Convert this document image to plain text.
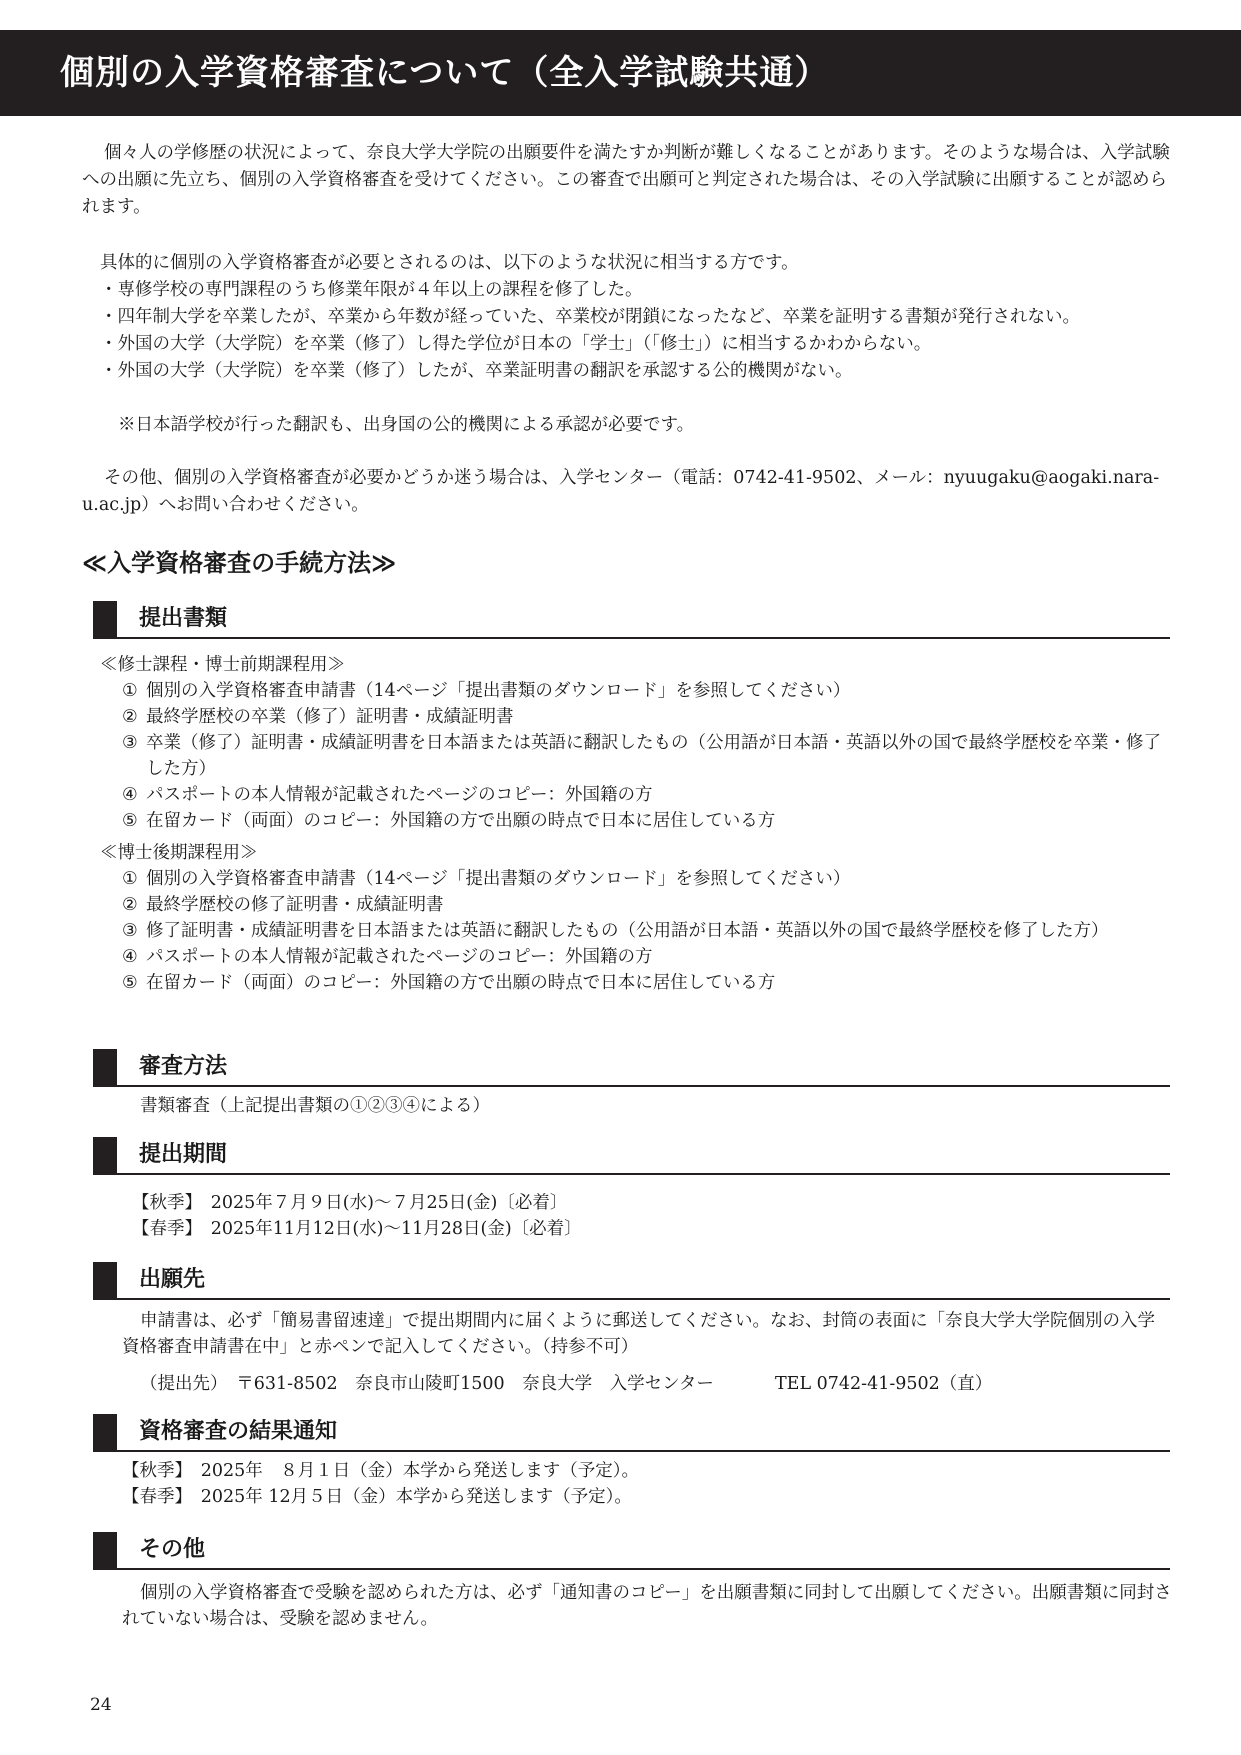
個別の入学資格審査について（全入学試験共通）

個々人の学修歴の状況によって、奈良大学大学院の出願要件を満たすか判断が難しくなることがあります。そのような場合は、入学試験への出願に先立ち、個別の入学資格審査を受けてください。この審査で出願可と判定された場合は、その入学試験に出願することが認められます。

具体的に個別の入学資格審査が必要とされるのは、以下のような状況に相当する方です。

・専修学校の専門課程のうち修業年限が４年以上の課程を修了した。
・四年制大学を卒業したが、卒業から年数が経っていた、卒業校が閉鎖になったなど、卒業を証明する書類が発行されない。
・外国の大学（大学院）を卒業（修了）し得た学位が日本の「学士」（「修士」）に相当するかわからない。
・外国の大学（大学院）を卒業（修了）したが、卒業証明書の翻訳を承認する公的機関がない。
※日本語学校が行った翻訳も、出身国の公的機関による承認が必要です。

その他、個別の入学資格審査が必要かどうか迷う場合は、入学センター（電話：0742-41-9502、メール：nyuugaku@aogaki.nara-u.ac.jp）へお問い合わせください。

≪入学資格審査の手続方法≫
提出書類
≪修士課程・博士前期課程用≫
① 個別の入学資格審査申請書（14ページ「提出書類のダウンロード」を参照してください）
② 最終学歴校の卒業（修了）証明書・成績証明書
③ 卒業（修了）証明書・成績証明書を日本語または英語に翻訳したもの（公用語が日本語・英語以外の国で最終学歴校を卒業・修了した方）
④ パスポートの本人情報が記載されたページのコピー：外国籍の方
⑤ 在留カード（両面）のコピー：外国籍の方で出願の時点で日本に居住している方
≪博士後期課程用≫
① 個別の入学資格審査申請書（14ページ「提出書類のダウンロード」を参照してください）
② 最終学歴校の修了証明書・成績証明書
③ 修了証明書・成績証明書を日本語または英語に翻訳したもの（公用語が日本語・英語以外の国で最終学歴校を修了した方）
④ パスポートの本人情報が記載されたページのコピー：外国籍の方
⑤ 在留カード（両面）のコピー：外国籍の方で出願の時点で日本に居住している方
審査方法
書類審査（上記提出書類の①②③④による）
提出期間
【秋季】　2025年７月９日(水)～７月25日(金)〔必着〕
【春季】　2025年11月12日(水)～11月28日(金)〔必着〕
出願先
申請書は、必ず「簡易書留速達」で提出期間内に届くように郵送してください。なお、封筒の表面に「奈良大学大学院個別の入学資格審査申請書在中」と赤ペンで記入してください。（持参不可）
（提出先）　〒631-8502　奈良市山陵町1500　奈良大学　入学センター	TEL 0742-41-9502（直）
資格審査の結果通知
【秋季】　2025年　８月１日（金）本学から発送します（予定）。
【春季】　2025年 12月５日（金）本学から発送します（予定）。
その他
個別の入学資格審査で受験を認められた方は、必ず「通知書のコピー」を出願書類に同封して出願してください。出願書類に同封されていない場合は、受験を認めません。
24
